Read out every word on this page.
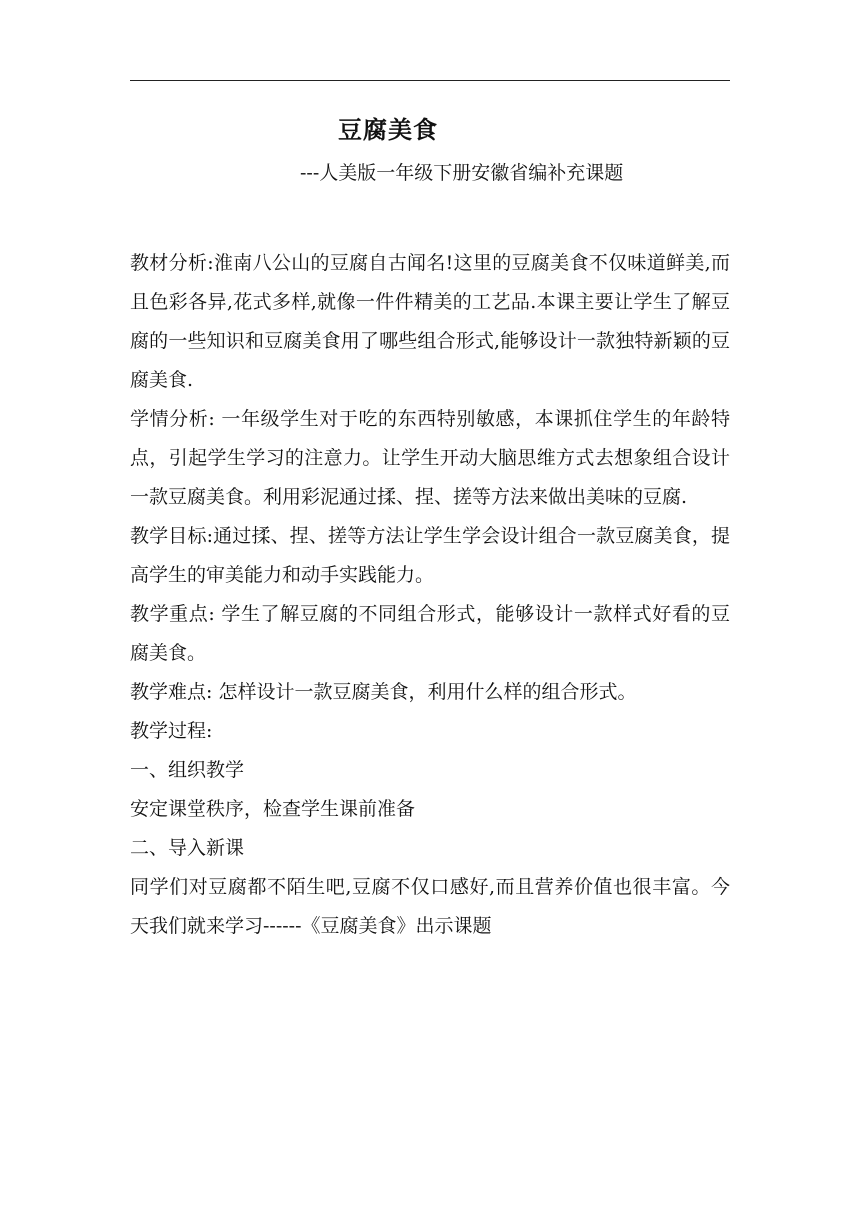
豆腐美食
---人美版一年级下册安徽省编补充课题

教材分析:淮南八公山的豆腐自古闻名!这里的豆腐美食不仅味道鲜美,而且色彩各异,花式多样,就像一件件精美的工艺品.本课主要让学生了解豆腐的一些知识和豆腐美食用了哪些组合形式,能够设计一款独特新颖的豆腐美食.

学情分析: 一年级学生对于吃的东西特别敏感，本课抓住学生的年龄特点，引起学生学习的注意力。让学生开动大脑思维方式去想象组合设计一款豆腐美食。利用彩泥通过揉、捏、搓等方法来做出美味的豆腐.

教学目标:通过揉、捏、搓等方法让学生学会设计组合一款豆腐美食，提高学生的审美能力和动手实践能力。

教学重点: 学生了解豆腐的不同组合形式，能够设计一款样式好看的豆腐美食。

教学难点: 怎样设计一款豆腐美食，利用什么样的组合形式。

教学过程:

一、组织教学

安定课堂秩序，检查学生课前准备

二、导入新课

同学们对豆腐都不陌生吧,豆腐不仅口感好,而且营养价值也很丰富。今天我们就来学习------《豆腐美食》出示课题
